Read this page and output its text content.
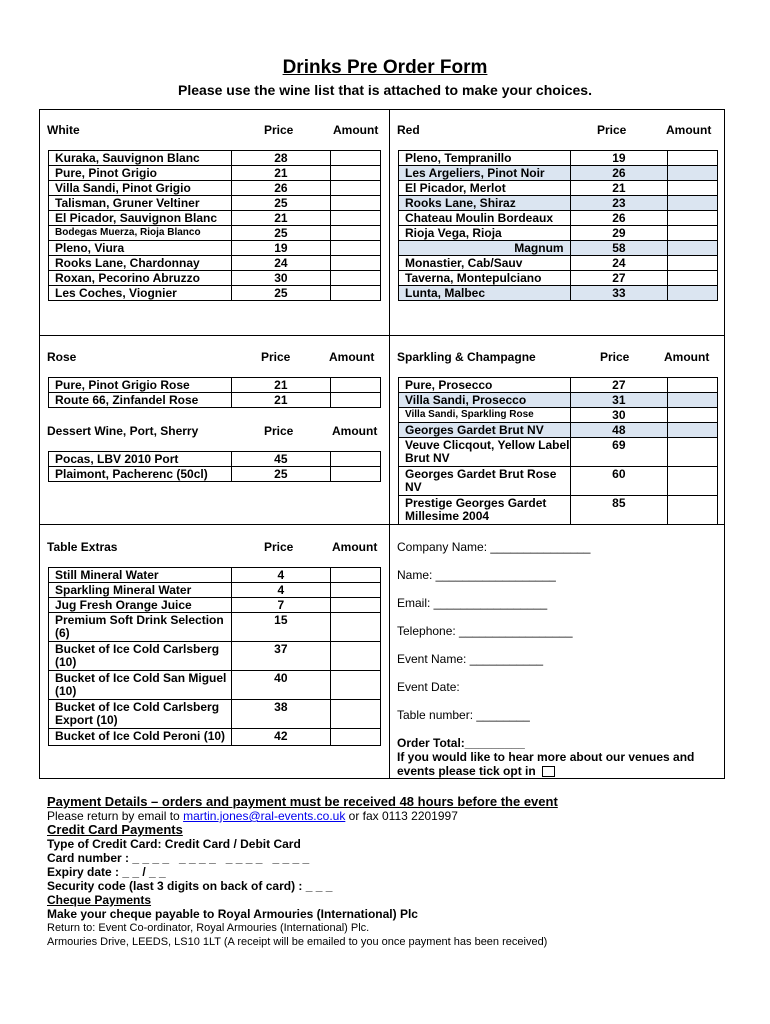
Drinks Pre Order Form
Please use the wine list that is attached to make your choices.
White	Price	Amount
Kuraka, Sauvignon Blanc	28	
Pure, Pinot Grigio	21	
Villa Sandi, Pinot Grigio	26	
Talisman, Gruner Veltiner	25	
El Picador, Sauvignon Blanc	21	
Bodegas Muerza, Rioja Blanco	25	
Pleno, Viura	19	
Rooks Lane, Chardonnay	24	
Roxan, Pecorino Abruzzo	30	
Les Coches, Viognier	25	
Red	Price	Amount
Pleno, Tempranillo	19	
Les Argeliers, Pinot Noir	26	
El Picador, Merlot	21	
Rooks Lane, Shiraz	23	
Chateau Moulin Bordeaux	26	
Rioja Vega, Rioja	29	
Magnum	58	
Monastier, Cab/Sauv	24	
Taverna, Montepulciano	27	
Lunta, Malbec	33	
Rose	Price	Amount
Pure, Pinot Grigio Rose	21	
Route 66, Zinfandel Rose	21	
Dessert Wine, Port, Sherry	Price	Amount
Pocas, LBV 2010 Port	45	
Plaimont, Pacherenc (50cl)	25	
Sparkling & Champagne	Price	Amount
Pure, Prosecco	27	
Villa Sandi, Prosecco	31	
Villa Sandi, Sparkling Rose	30	
Georges Gardet Brut NV	48	
Veuve Clicqout, Yellow Label Brut NV	69	
Georges Gardet Brut Rose NV	60	
Prestige Georges Gardet Millesime 2004	85	
Table Extras	Price	Amount
Still Mineral Water	4	
Sparkling Mineral Water	4	
Jug Fresh Orange Juice	7	
Premium Soft Drink Selection (6)	15	
Bucket of Ice Cold Carlsberg (10)	37	
Bucket of Ice Cold San Miguel (10)	40	
Bucket of Ice Cold Carlsberg Export (10)	38	
Bucket of Ice Cold Peroni (10)	42	
Company Name: _______________
Name: __________________
Email: _________________
Telephone: _________________
Event Name: ___________
Event Date:
Table number: ________
Order Total:_________
If you would like to hear more about our venues and events please tick opt in
Payment Details – orders and payment must be received 48 hours before the event
Please return by email to martin.jones@ral-events.co.uk or fax 0113 2201997
Credit Card Payments
Type of Credit Card: Credit Card / Debit Card
Card number : _ _ _ _   _ _ _ _   _ _ _ _   _ _ _ _
Expiry date : _ _ / _ _
Security code (last 3 digits on back of card) : _ _ _
Cheque Payments
Make your cheque payable to Royal Armouries (International) Plc
Return to: Event Co-ordinator, Royal Armouries (International) Plc.
Armouries Drive, LEEDS, LS10 1LT (A receipt will be emailed to you once payment has been received)
